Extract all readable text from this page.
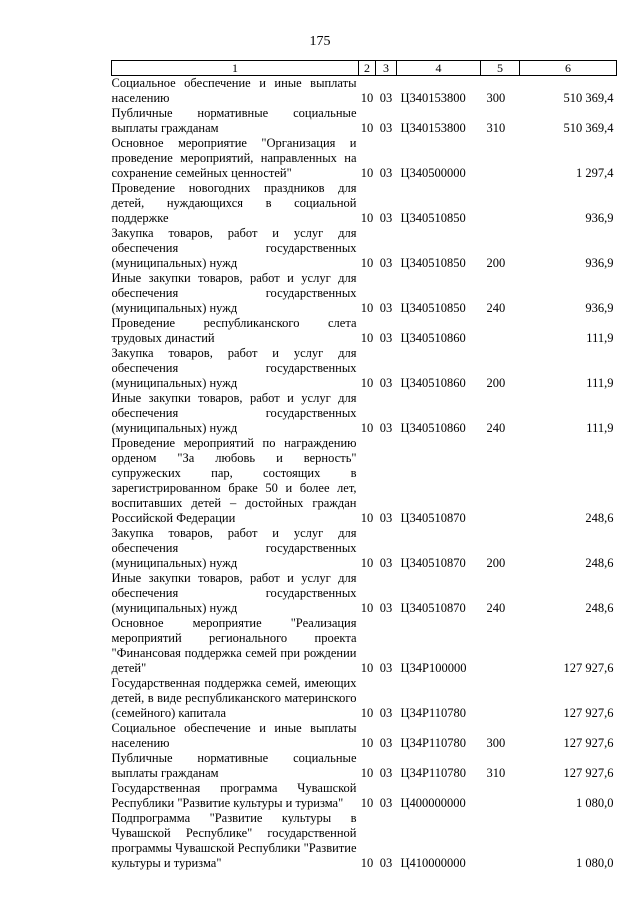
175
1	2	3	4	5	6
Социальное обеспечение и иные выплаты населению	10	03	Ц340153800	300	510 369,4
Публичные нормативные социальные выплаты гражданам	10	03	Ц340153800	310	510 369,4
Основное мероприятие "Организация и проведение мероприятий, направленных на сохранение семейных ценностей"	10	03	Ц340500000		1 297,4
Проведение новогодних праздников для детей, нуждающихся в социальной поддержке	10	03	Ц340510850		936,9
Закупка товаров, работ и услуг для обеспечения государственных (муниципальных) нужд	10	03	Ц340510850	200	936,9
Иные закупки товаров, работ и услуг для обеспечения государственных (муниципальных) нужд	10	03	Ц340510850	240	936,9
Проведение республиканского слета трудовых династий	10	03	Ц340510860		111,9
Закупка товаров, работ и услуг для обеспечения государственных (муниципальных) нужд	10	03	Ц340510860	200	111,9
Иные закупки товаров, работ и услуг для обеспечения государственных (муниципальных) нужд	10	03	Ц340510860	240	111,9
Проведение мероприятий по награждению орденом "За любовь и верность" супружеских пар, состоящих в зарегистрированном браке 50 и более лет, воспитавших детей – достойных граждан Российской Федерации	10	03	Ц340510870		248,6
Закупка товаров, работ и услуг для обеспечения государственных (муниципальных) нужд	10	03	Ц340510870	200	248,6
Иные закупки товаров, работ и услуг для обеспечения государственных (муниципальных) нужд	10	03	Ц340510870	240	248,6
Основное мероприятие "Реализация мероприятий регионального проекта "Финансовая поддержка семей при рождении детей"	10	03	Ц34P100000		127 927,6
Государственная поддержка семей, имеющих детей, в виде республиканского материнского (семейного) капитала	10	03	Ц34P110780		127 927,6
Социальное обеспечение и иные выплаты населению	10	03	Ц34P110780	300	127 927,6
Публичные нормативные социальные выплаты гражданам	10	03	Ц34P110780	310	127 927,6
Государственная программа Чувашской Республики "Развитие культуры и туризма"	10	03	Ц400000000		1 080,0
Подпрограмма "Развитие культуры в Чувашской Республике" государственной программы Чувашской Республики "Развитие культуры и туризма"	10	03	Ц410000000		1 080,0
